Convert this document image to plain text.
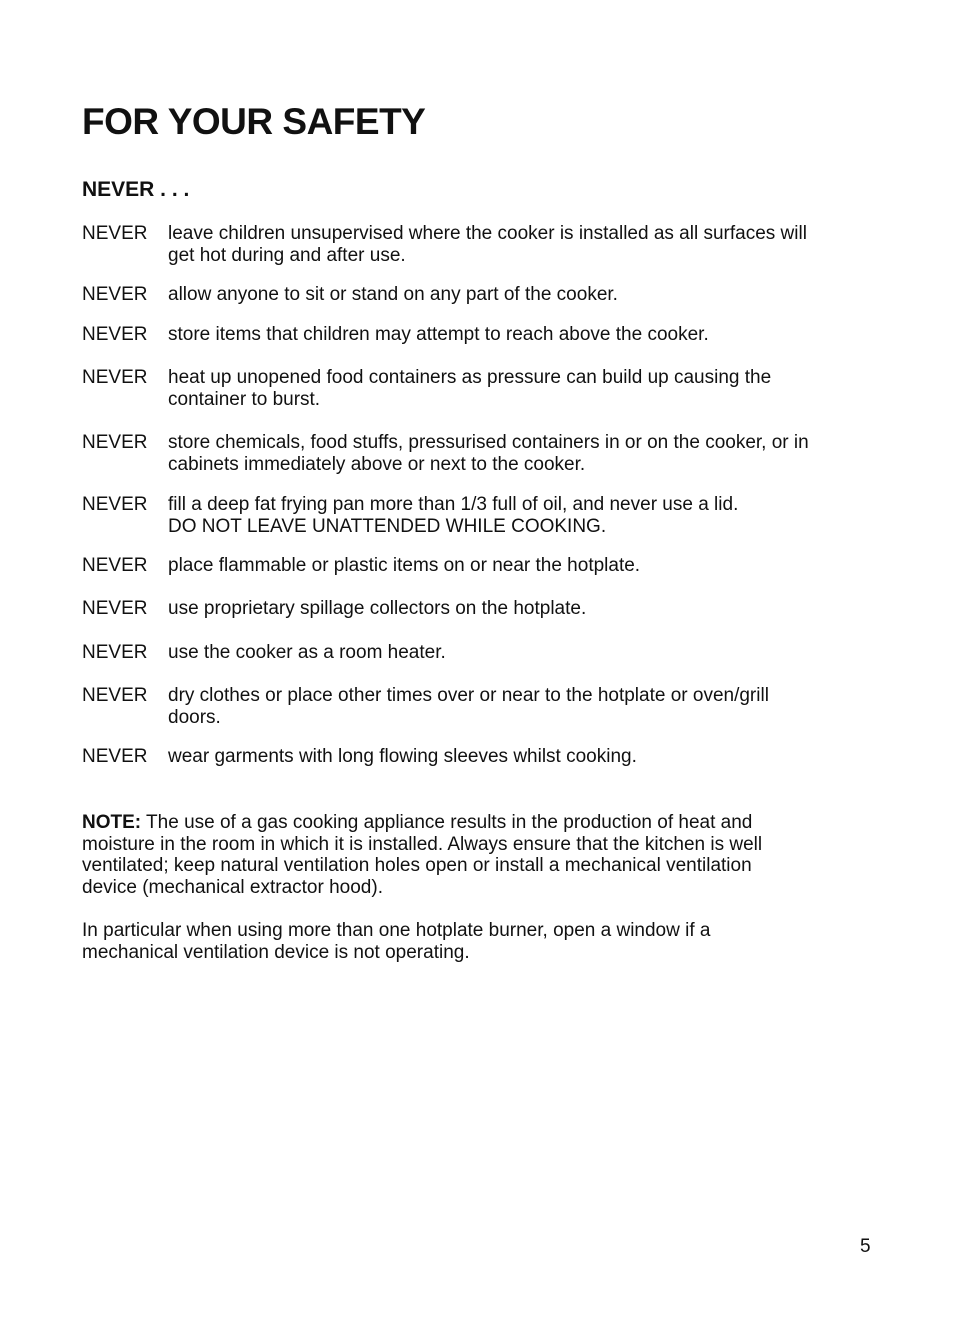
FOR YOUR SAFETY
NEVER . . .
NEVER leave children unsupervised where the cooker is installed as all surfaces will
get hot during and after use.
NEVER allow anyone to sit or stand on any part of the cooker.
NEVER store items that children may attempt to reach above the cooker.
NEVER heat up unopened food containers as pressure can build up causing the
container to burst.
NEVER store chemicals, food stuffs, pressurised containers in or on the cooker, or in
cabinets immediately above or next to the cooker.
NEVER fill a deep fat frying pan more than 1/3 full of oil, and never use a lid.
DO NOT LEAVE UNATTENDED WHILE COOKING.
NEVER place flammable or plastic items on or near the hotplate.
NEVER use proprietary spillage collectors on the hotplate.
NEVER use the cooker as a room heater.
NEVER dry clothes or place other times over or near to the hotplate or oven/grill
doors.
NEVER wear garments with long flowing sleeves whilst cooking.

NOTE: The use of a gas cooking appliance results in the production of heat and
moisture in the room in which it is installed. Always ensure that the kitchen is well
ventilated; keep natural ventilation holes open or install a mechanical ventilation
device (mechanical extractor hood).

In particular when using more than one hotplate burner, open a window if a
mechanical ventilation device is not operating.

5
